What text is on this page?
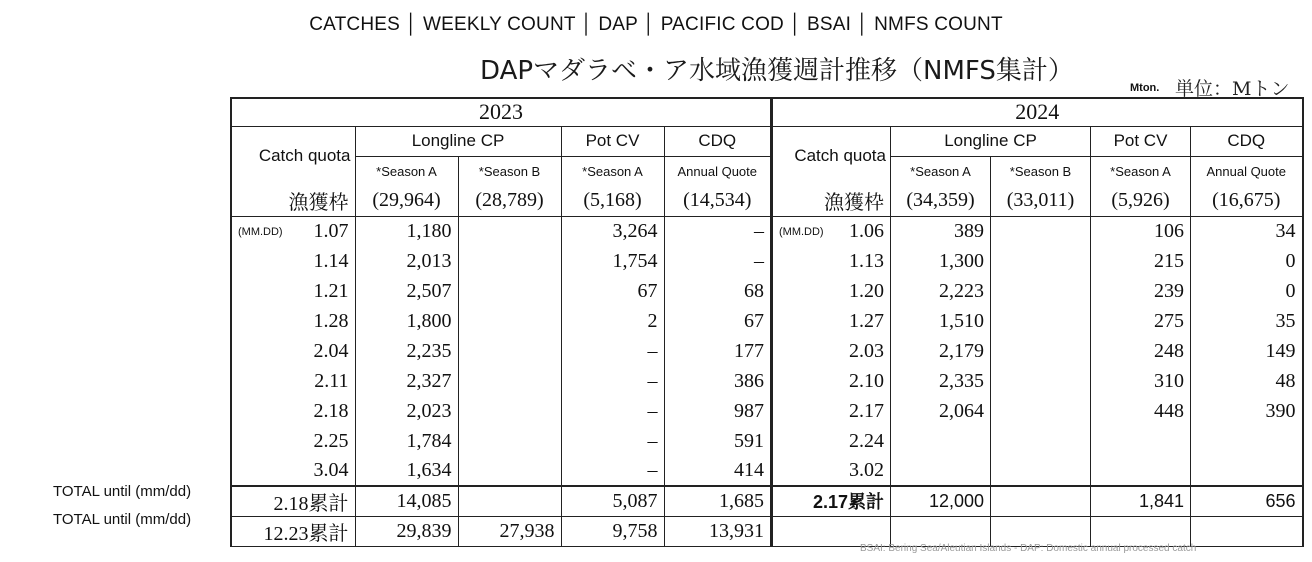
CATCHES │ WEEKLY COUNT │ DAP │ PACIFIC COD │ BSAI │ NMFS COUNT
DAPマダラベ・ア水域漁獲週計推移（NMFS集計）
Mton. 単位：Mトン
TOTAL until (mm/dd)
TOTAL until (mm/dd)
2023				
Catch quota	Longline CP		Pot CV	CDQ
	*Season A	*Season B	*Season A	Annual Quote
漁獲枠	(29,964)	(28,789)	(5,168)	(14,534)

(MM.DD) 1.07	1,180		3,264	–
1.14	2,013		1,754	–
1.21	2,507		67	68
1.28	1,800		2	67
2.04	2,235		–	177
2.11	2,327		–	386
2.18	2,023		–	987
2.25	1,784		–	591
3.04	1,634		–	414
2.18累計	14,085		5,087	1,685
12.23累計	29,839	27,938	9,758	13,931
2024				
Catch quota	Longline CP		Pot CV	CDQ
	*Season A	*Season B	*Season A	Annual Quote
漁獲枠	(34,359)	(33,011)	(5,926)	(16,675)

(MM.DD) 1.06	389		106	34
1.13	1,300		215	0
1.20	2,223		239	0
1.27	1,510		275	35
2.03	2,179		248	149
2.10	2,335		310	48
2.17	2,064		448	390
2.24				
3.02				
2.17累計	12,000		1,841	656

BSAI: Bering Sea/Aleutian Islands - DAP: Domestic annual processed catch
